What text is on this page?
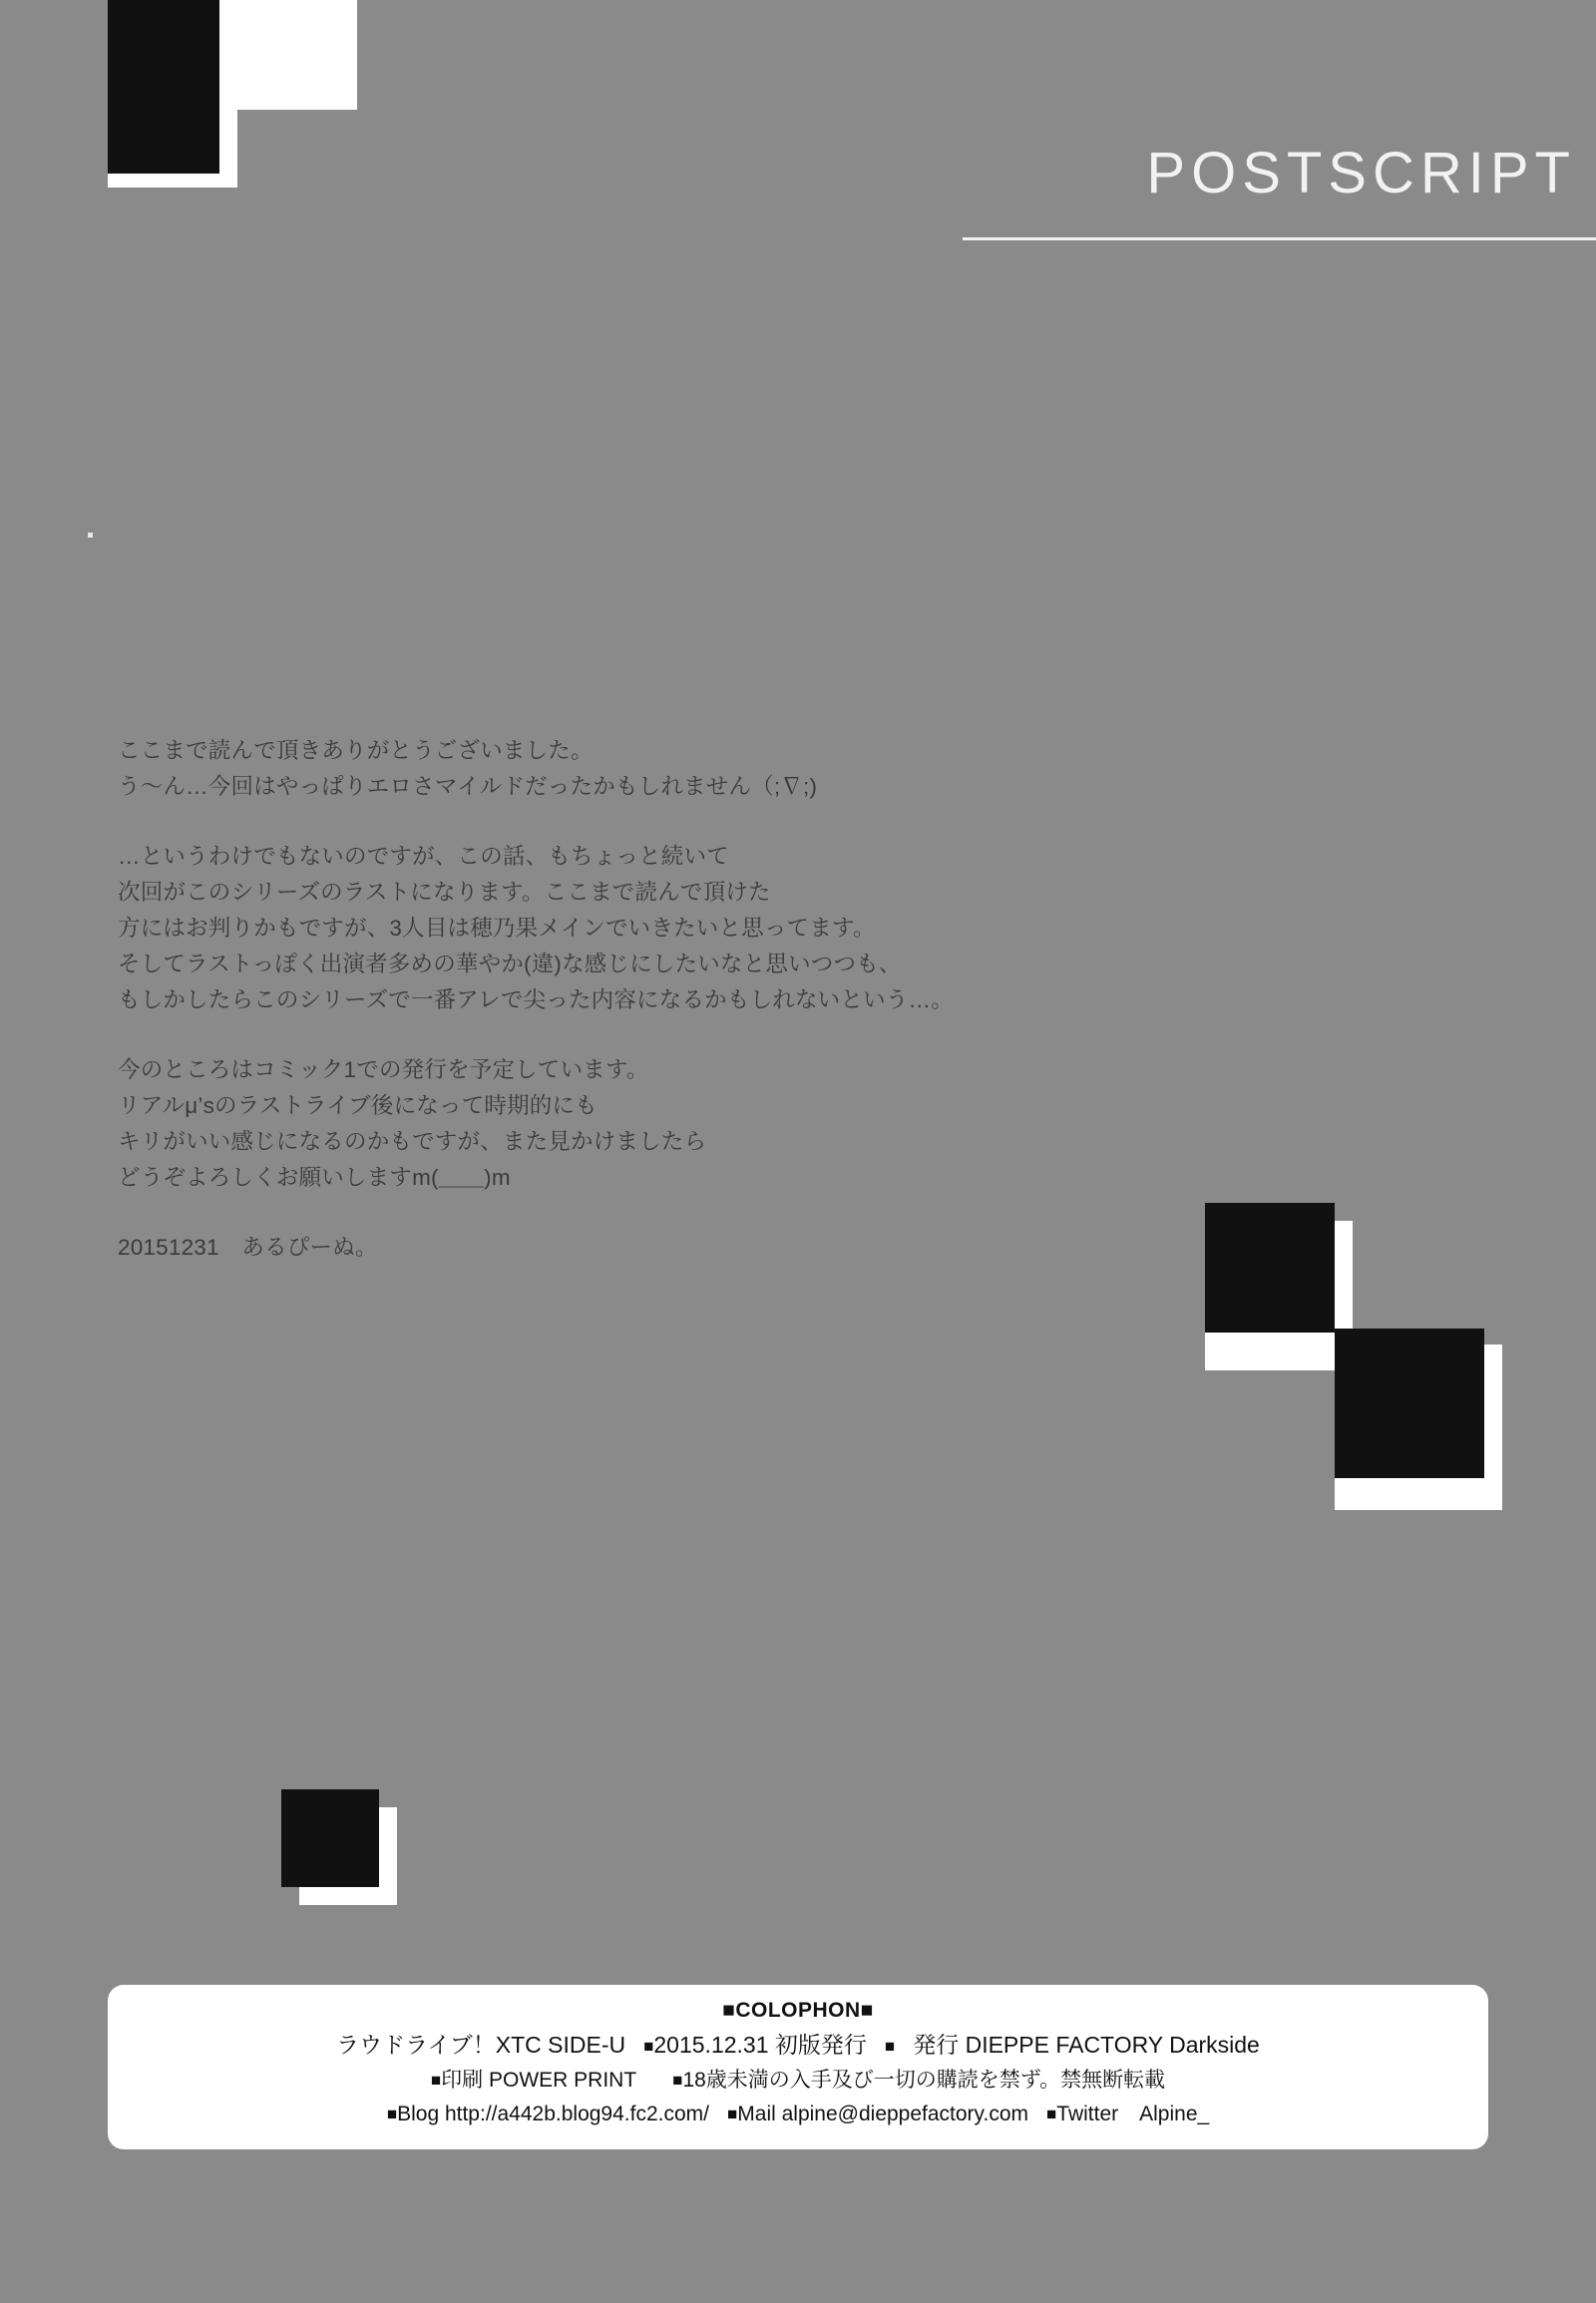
POSTSCRIPT
ここまで読んで頂きありがとうございました。
う～ん…今回はやっぱりエロさマイルドだったかもしれません（;∇;)
…というわけでもないのですが、この話、もちょっと続いて
次回がこのシリーズのラストになります。ここまで読んで頂けた
方にはお判りかもですが、3人目は穂乃果メインでいきたいと思ってます。
そしてラストっぽく出演者多めの華やか(違)な感じにしたいなと思いつつも、
もしかしたらこのシリーズで一番アレで尖った内容になるかもしれないという…。
今のところはコミック1での発行を予定しています。
リアルμ’sのラストライブ後になって時期的にも
キリがいい感じになるのかもですが、また見かけましたら
どうぞよろしくお願いしますm(＿＿)m
20151231　あるぴーぬ。
■COLOPHON■
ラウドライブ！XTC SIDE-U ■2015.12.31 初版発行 ■ 発行 DIEPPE FACTORY Darkside
■印刷 POWER PRINT ■18歳未満の入手及び一切の購読を禁ず。禁無断転載
■Blog http://a442b.blog94.fc2.com/ ■Mail alpine@dieppefactory.com ■Twitter　Alpine_
